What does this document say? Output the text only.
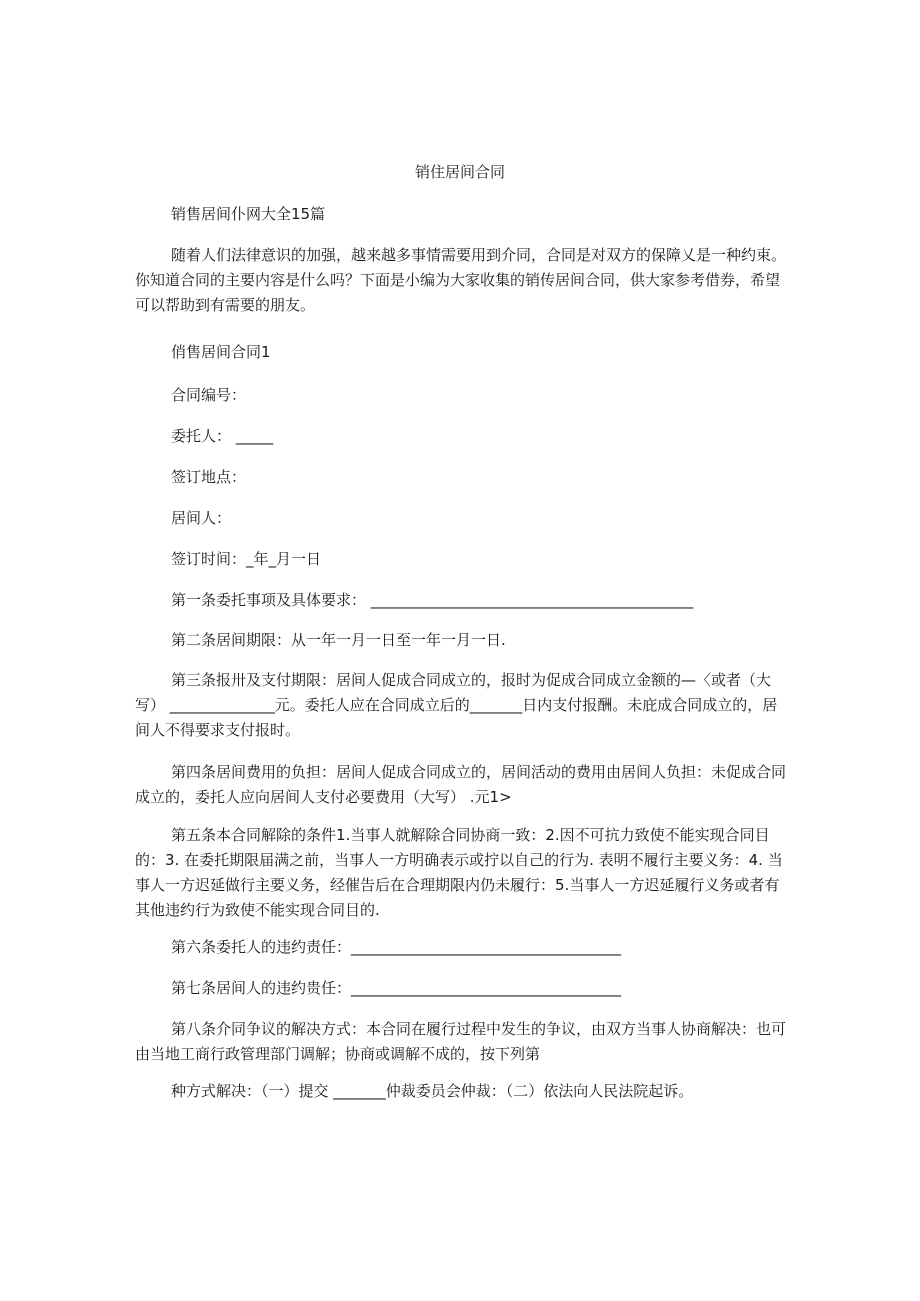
销住居间合同
销售居间仆网大全15篇
随着人们法律意识的加强，越来越多事情需要用到介同，合同是对双方的保障乂是一种约束。你知道合同的主要内容是什么吗？下面是小编为大家收集的销传居间合同，供大家参考借券，希望可以帮助到有需要的朋友。
俏售居间合同1
合同编号：
委托人： _____
签订地点：
居间人：
签订时间：_年_月一日
第一条委托事项及具体要求： ___________________________________________
第二条居间期限：从一年一月一日至一年一月一日.
第三条报卅及支付期限：居间人促成合同成立的，报时为促成合同成立金额的—〈或者（大写） ______________元。委托人应在合同成立后的_______日内支付报酬。未庇成合同成立的，居间人不得要求支付报时。
第四条居间费用的负担：居间人促成合同成立的，居间活动的费用由居间人负担：未促成合同成立的，委托人应向居间人支付必要费用（大写） .元1>
第五条本合同解除的条件1.当事人就解除合同协商一致：2.因不可抗力致使不能实现合同目的：3. 在委托期限届满之前，当事人一方明确表示或拧以自己的行为. 表明不履行主要义务：4. 当事人一方迟延做行主要义务，经催告后在合理期限内仍未履行：5.当事人一方迟延履行义务或者有其他违约行为致使不能实现合同目的.
第六条委托人的违约责任：____________________________________
第七条居间人的违约贵任：____________________________________
第八条介同争议的解决方式：本合同在履行过程中发生的争议，由双方当事人协商解决：也可由当地工商行政管理部门调解；协商或调解不成的，按下列第
种方式解决：（一）提交 _______仲裁委员会仲裁：（二）依法向人民法院起诉。
